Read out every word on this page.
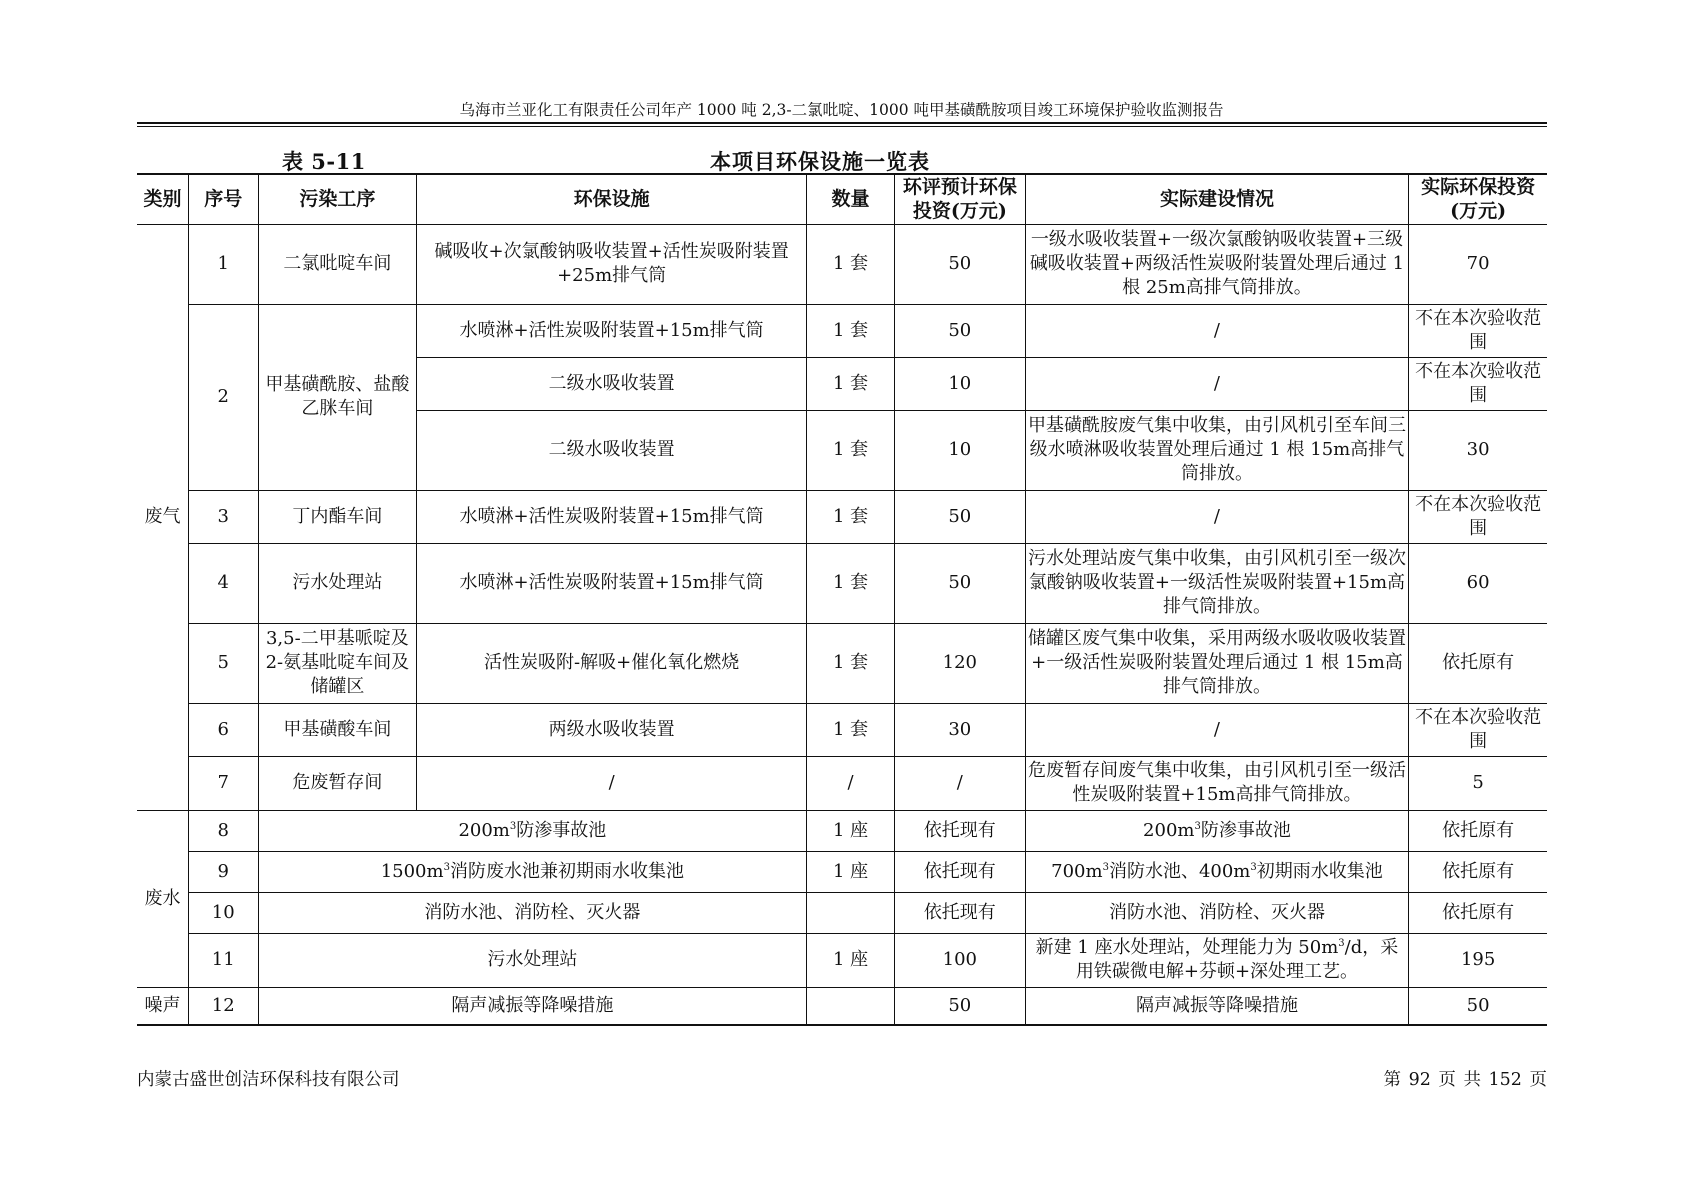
乌海市兰亚化工有限责任公司年产 1000 吨 2,3-二氯吡啶、1000 吨甲基磺酰胺项目竣工环境保护验收监测报告
表 5-11	本项目环保设施一览表
类别	序号	污染工序	环保设施	数量	环评预计环保投资(万元)	实际建设情况	实际环保投资(万元)
废气	1	二氯吡啶车间	碱吸收+次氯酸钠吸收装置+活性炭吸附装置+25m排气筒	1 套	50	一级水吸收装置+一级次氯酸钠吸收装置+三级碱吸收装置+两级活性炭吸附装置处理后通过 1 根 25m高排气筒排放。	70
	2	甲基磺酰胺、盐酸乙脒车间	水喷淋+活性炭吸附装置+15m排气筒	1 套	50	/	不在本次验收范围
			二级水吸收装置	1 套	10	/	不在本次验收范围
			二级水吸收装置	1 套	10	甲基磺酰胺废气集中收集，由引风机引至车间三级水喷淋吸收装置处理后通过 1 根 15m高排气筒排放。	30
	3	丁内酯车间	水喷淋+活性炭吸附装置+15m排气筒	1 套	50	/	不在本次验收范围
	4	污水处理站	水喷淋+活性炭吸附装置+15m排气筒	1 套	50	污水处理站废气集中收集，由引风机引至一级次氯酸钠吸收装置+一级活性炭吸附装置+15m高排气筒排放。	60
	5	3,5-二甲基哌啶及 2-氨基吡啶车间及储罐区	活性炭吸附-解吸+催化氧化燃烧	1 套	120	储罐区废气集中收集，采用两级水吸收吸收装置+一级活性炭吸附装置处理后通过 1 根 15m高排气筒排放。	依托原有
	6	甲基磺酸车间	两级水吸收装置	1 套	30	/	不在本次验收范围
	7	危废暂存间	/	/	/	危废暂存间废气集中收集，由引风机引至一级活性炭吸附装置+15m高排气筒排放。	5
废水	8	$200m^3$防渗事故池		1 座	依托现有	$200m^3$防渗事故池	依托原有
	9	$1500m^3$消防废水池兼初期雨水收集池		1 座	依托现有	$700m^3$消防水池、$400m^3$初期雨水收集池	依托原有
	10	消防水池、消防栓、灭火器			依托现有	消防水池、消防栓、灭火器	依托原有
	11	污水处理站		1 座	100	新建 1 座水处理站，处理能力为 $50m^3/d$，采用铁碳微电解+芬顿+深处理工艺。	195
噪声	12	隔声减振等降噪措施			50	隔声减振等降噪措施	50
内蒙古盛世创洁环保科技有限公司	第 92 页 共 152 页
